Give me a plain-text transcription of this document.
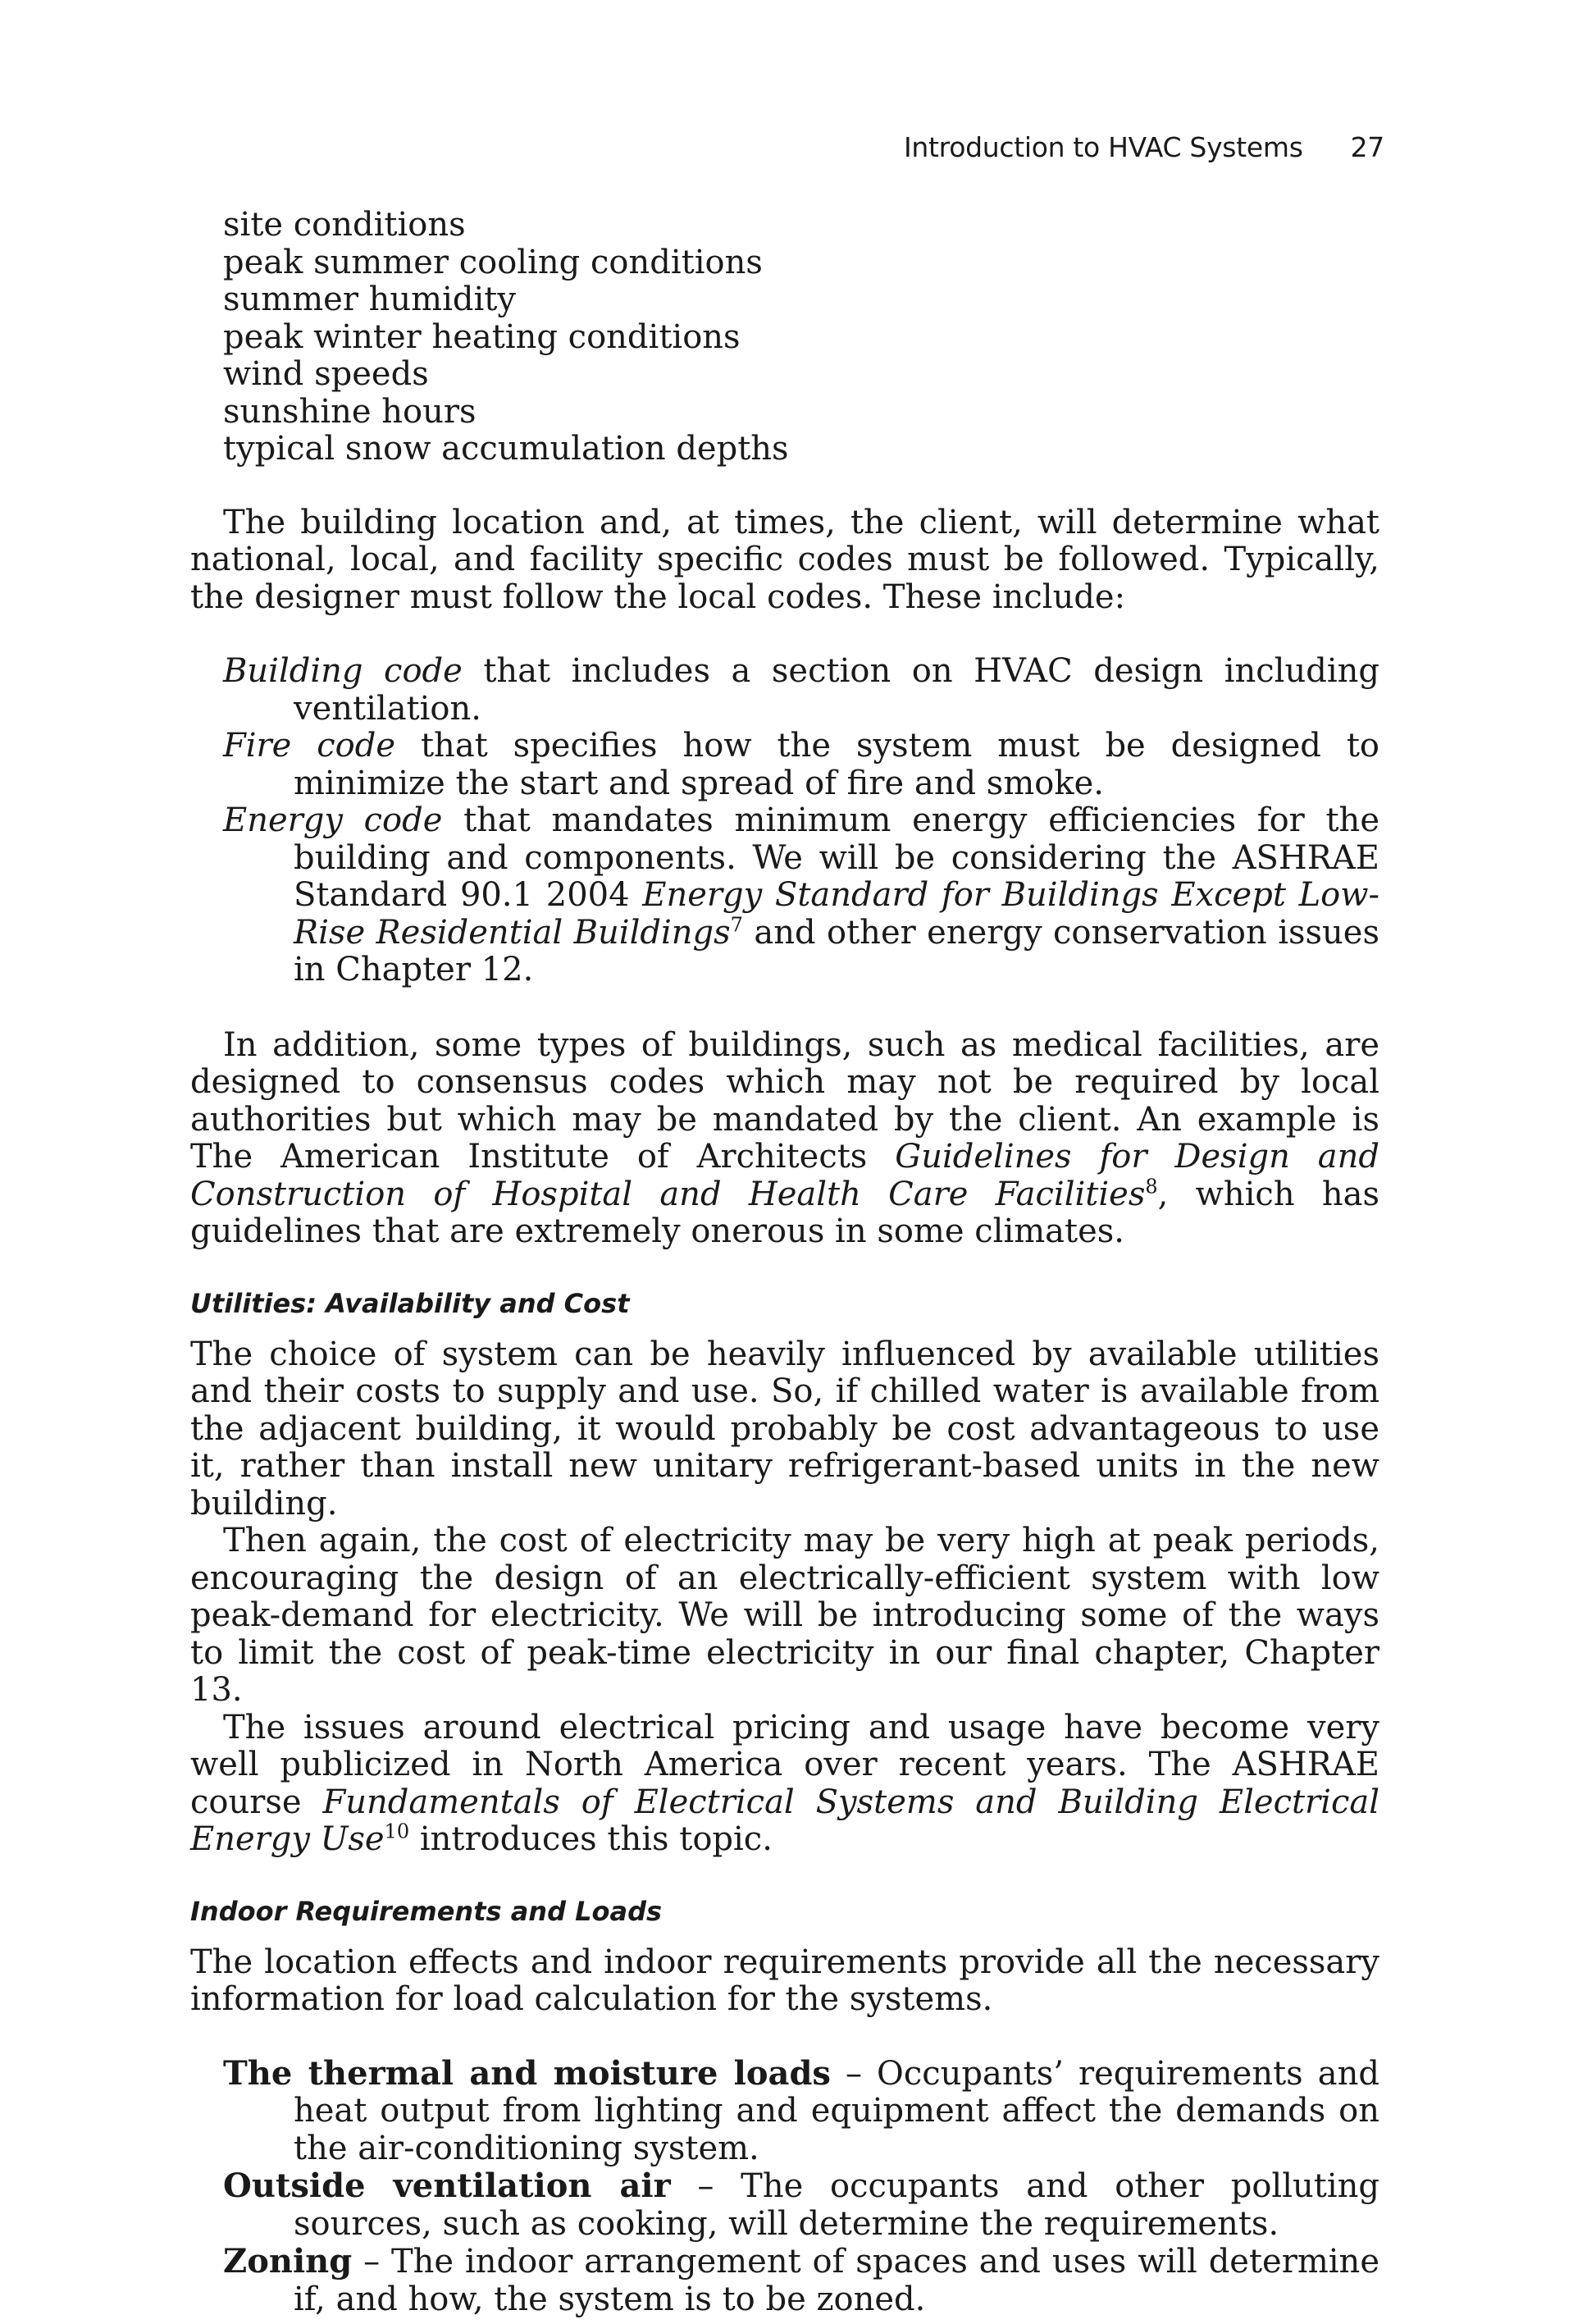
Introduction to HVAC Systems 27
site conditions
peak summer cooling conditions
summer humidity
peak winter heating conditions
wind speeds
sunshine hours
typical snow accumulation depths

The building location and, at times, the client, will determine what national, local, and facility specific codes must be followed. Typically, the designer must follow the local codes. These include:

Building code that includes a section on HVAC design including ventilation.

Fire code that specifies how the system must be designed to minimize the start and spread of fire and smoke.

Energy code that mandates minimum energy efficiencies for the building and components. We will be considering the ASHRAE Standard 90.1 2004 Energy Standard for Buildings Except Low-Rise Residential Buildings$^7$ and other energy conservation issues in Chapter 12.

In addition, some types of buildings, such as medical facilities, are designed to consensus codes which may not be required by local authorities but which may be mandated by the client. An example is The American Institute of Architects Guidelines for Design and Construction of Hospital and Health Care Facilities$^8$, which has guidelines that are extremely onerous in some climates.

Utilities: Availability and Cost

The choice of system can be heavily influenced by available utilities and their costs to supply and use. So, if chilled water is available from the adjacent building, it would probably be cost advantageous to use it, rather than install new unitary refrigerant-based units in the new building.

Then again, the cost of electricity may be very high at peak periods, encouraging the design of an electrically-efficient system with low peak-demand for electricity. We will be introducing some of the ways to limit the cost of peak-time electricity in our final chapter, Chapter 13.

The issues around electrical pricing and usage have become very well publicized in North America over recent years. The ASHRAE course Fundamentals of Electrical Systems and Building Electrical Energy Use$^{10}$ introduces this topic.

Indoor Requirements and Loads

The location effects and indoor requirements provide all the necessary information for load calculation for the systems.

The thermal and moisture loads – Occupants’ requirements and heat output from lighting and equipment affect the demands on the air-conditioning system.

Outside ventilation air – The occupants and other polluting sources, such as cooking, will determine the requirements.

Zoning – The indoor arrangement of spaces and uses will determine if, and how, the system is to be zoned.
